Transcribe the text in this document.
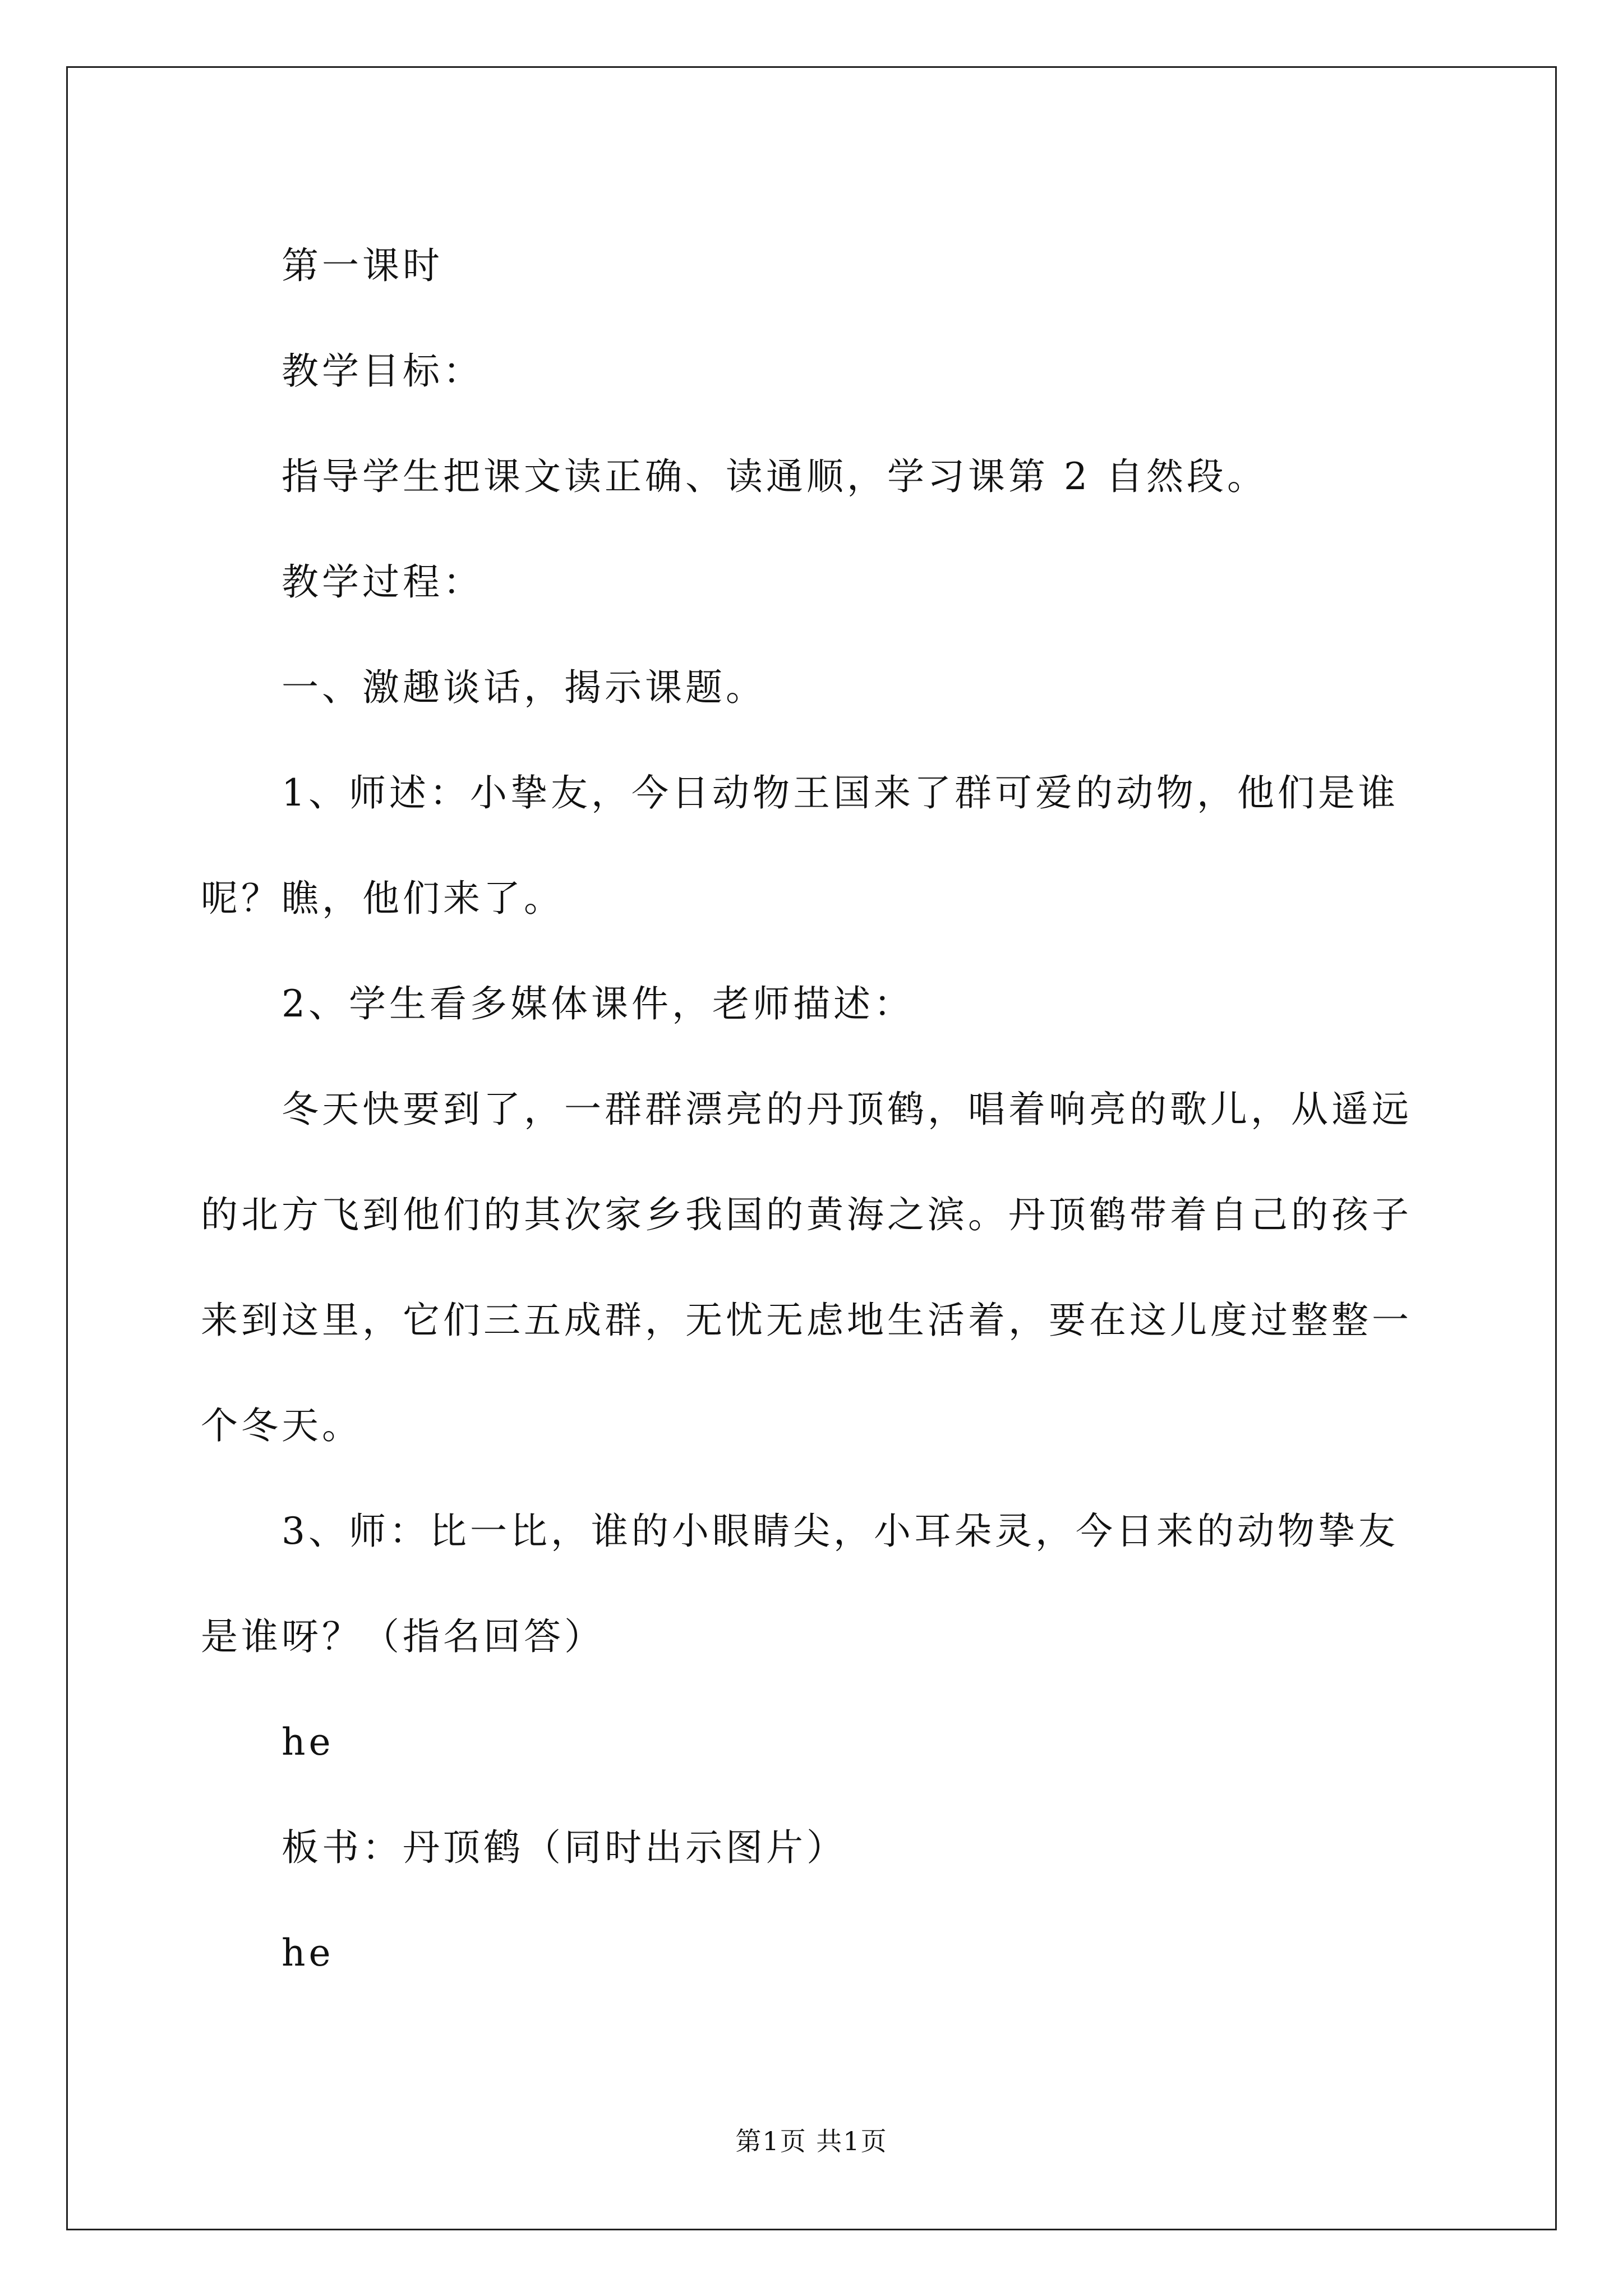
第一课时

教学目标：

指导学生把课文读正确、读通顺，学习课第 2 自然段。

教学过程：

一、激趣谈话，揭示课题。

1、师述：小挚友，今日动物王国来了群可爱的动物，他们是谁呢？瞧，他们来了。

2、学生看多媒体课件，老师描述：

冬天快要到了，一群群漂亮的丹顶鹤，唱着响亮的歌儿，从遥远的北方飞到他们的其次家乡我国的黄海之滨。丹顶鹤带着自己的孩子来到这里，它们三五成群，无忧无虑地生活着，要在这儿度过整整一个冬天。

3、师：比一比，谁的小眼睛尖，小耳朵灵，今日来的动物挚友是谁呀？（指名回答）

he

板书：丹顶鹤（同时出示图片）

he

第1页 共1页
